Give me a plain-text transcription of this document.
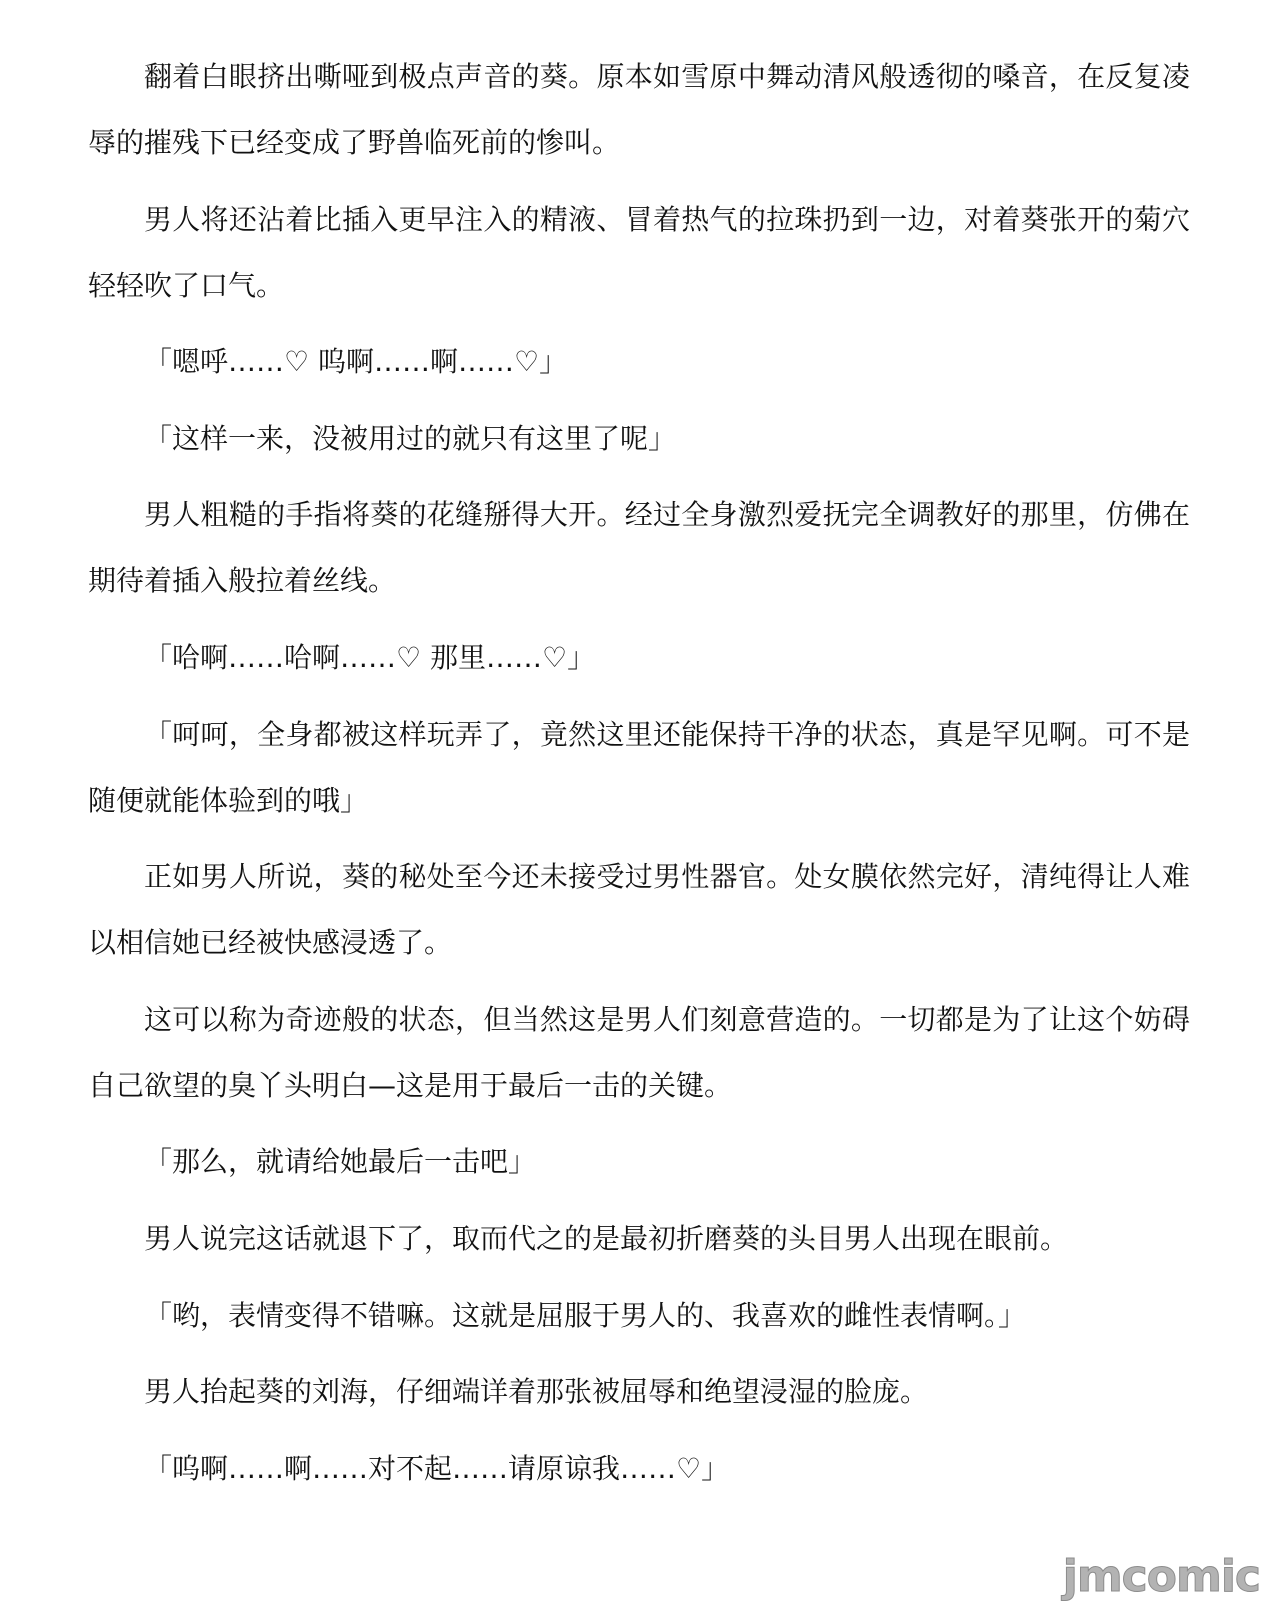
翻着白眼挤出嘶哑到极点声音的葵。原本如雪原中舞动清风般透彻的嗓音，在反复凌
辱的摧残下已经变成了野兽临死前的惨叫。
男人将还沾着比插入更早注入的精液、冒着热气的拉珠扔到一边，对着葵张开的菊穴
轻轻吹了口气。
「嗯呼……♡ 呜啊……啊……♡」
「这样一来，没被用过的就只有这里了呢」
男人粗糙的手指将葵的花缝掰得大开。经过全身激烈爱抚完全调教好的那里，仿佛在
期待着插入般拉着丝线。
「哈啊……哈啊……♡ 那里……♡」
「呵呵，全身都被这样玩弄了，竟然这里还能保持干净的状态，真是罕见啊。可不是
随便就能体验到的哦」
正如男人所说，葵的秘处至今还未接受过男性器官。处女膜依然完好，清纯得让人难
以相信她已经被快感浸透了。
这可以称为奇迹般的状态，但当然这是男人们刻意营造的。一切都是为了让这个妨碍
自己欲望的臭丫头明白—这是用于最后一击的关键。
「那么，就请给她最后一击吧」
男人说完这话就退下了，取而代之的是最初折磨葵的头目男人出现在眼前。
「哟，表情变得不错嘛。这就是屈服于男人的、我喜欢的雌性表情啊。」
男人抬起葵的刘海，仔细端详着那张被屈辱和绝望浸湿的脸庞。
「呜啊……啊……对不起……请原谅我……♡」
jmcomic
